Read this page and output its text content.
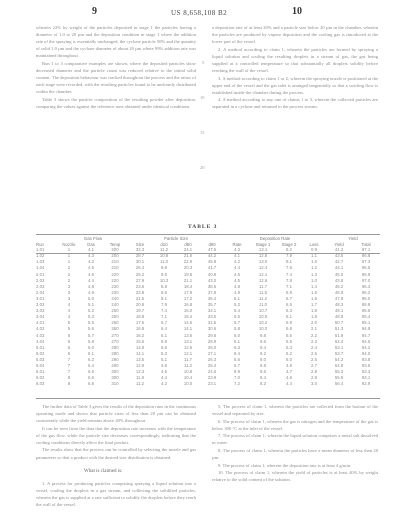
9	US 8,658,108 B2	10

wherein 22% by weight of the particles deposited in stage 1 the particles having a diameter of 1.0 to 20 µm and the deposition condition in stage 1 where the addition rate of the spraying is essentially unchanged, the cyclone particle 50% and the quantity of solid 1.0 µm and the cyclone diameter of about 20 µm where 99% addition rate was maintained throughout.

Run 1 to 3 comparative examples are shown, where the deposited particles show decreased diameter and the particle count was reduced relative to the initial solid content. The deposition behaviour was tracked throughout the process and the ratios of each stage were recorded, with the resulting particles found to be uniformly distributed within the chamber.

Table 3 shows the particle composition of the resulting powder after deposition, comparing the values against the reference runs obtained under identical conditions.

5
10
15
20

a deposition rate of at least 20% and a particle size below 20 µm in the chamber, wherein the particles are produced by vapour deposition and the cooling gas is introduced at the lower part of the vessel.

2. A method according to claim 1, wherein the particles are formed by spraying a liquid solution and cooling the resulting droplets in a stream of gas, the gas being supplied at a controlled temperature so that substantially all droplets solidify before reaching the wall of the vessel.

3. A method according to claim 1 or 2, wherein the spraying nozzle is positioned at the upper end of the vessel and the gas inlet is arranged tangentially so that a swirling flow is established inside the chamber during the process.

4. A method according to any one of claims 1 to 3, wherein the collected particles are separated in a cyclone and returned to the process stream.

TABLE 3
	Gas Flow			Particle Size				Deposition Rate				Yield	
Run	Nozzle	Gas	Temp	Size	d10	d50	d90	Rate	Stage 1	Stage 2	Loss	Yield	Total
1.01	1	4.1	200	32.3	11.2	24.1	47.5	4.3	13.1	8.2	0.9	41.2	97.1
1.02	1	4.3	200	28.7	10.8	21.6	44.2	4.1	12.8	7.9	1.1	43.5	96.8
1.03	1	4.2	210	30.1	11.0	22.9	45.8	4.2	13.0	8.1	1.0	42.7	97.3
1.04	2	4.5	210	26.4	9.9	20.3	41.7	4.4	12.4	7.6	1.2	44.1	96.5
2.01	2	4.6	220	25.2	9.5	19.8	40.9	4.6	12.1	7.4	1.3	45.0	96.9
2.02	2	4.4	220	27.9	10.3	21.1	43.0	4.5	12.6	7.8	1.0	43.8	97.0
2.03	3	4.8	230	23.6	8.8	18.4	38.6	4.8	11.7	7.1	1.4	46.2	96.4
2.04	3	4.9	230	22.8	8.5	17.9	37.8	4.9	11.5	6.9	1.5	46.9	96.2
3.01	3	5.0	240	21.5	8.1	17.2	36.4	5.1	11.2	6.7	1.6	47.8	96.0
3.02	4	5.1	240	20.9	7.9	16.8	35.7	5.2	11.0	6.5	1.7	48.3	95.8
3.03	4	5.2	250	19.7	7.4	16.0	34.1	5.4	10.7	6.3	1.8	49.1	95.6
3.04	4	5.3	250	18.8	7.1	15.4	33.0	5.5	10.5	6.1	1.9	49.8	95.4
4.01	5	5.5	260	17.6	6.7	14.6	31.5	5.7	10.2	5.9	2.0	50.7	95.1
4.02	5	5.6	260	16.9	6.4	14.1	30.6	5.8	10.0	5.8	2.1	51.3	94.9
4.03	5	5.7	270	16.2	6.1	13.6	29.8	6.0	9.8	5.6	2.2	51.9	94.7
4.04	6	5.8	270	15.5	5.9	13.1	28.9	6.1	9.6	5.5	2.3	52.4	94.5
5.01	6	6.0	280	14.8	5.6	12.6	28.0	6.3	9.4	5.3	2.4	53.1	94.2
5.02	6	6.1	280	14.1	5.3	12.1	27.1	6.4	9.2	5.2	2.5	53.7	94.0
5.03	7	6.2	290	13.5	5.1	11.7	26.3	6.6	9.0	5.0	2.6	54.2	93.8
5.04	7	6.4	290	12.9	4.8	11.2	25.4	6.7	8.8	4.9	2.7	54.8	93.6
6.01	7	6.5	300	12.3	4.6	10.8	24.6	6.9	8.6	4.7	2.8	55.3	93.3
6.02	8	6.6	300	11.8	4.4	10.4	23.9	7.0	8.4	4.6	2.9	55.9	93.1
6.03	8	6.8	310	11.2	4.2	10.0	23.1	7.2	8.2	4.4	3.0	56.4	92.9

The further data of Table 3 gives the results of the deposition runs in the continuous operating mode and shows that particle sizes of less than 20 µm can be obtained consistently while the yield remains above 40% throughout.

It can be seen from the data that the deposition rate increases with the temperature of the gas flow, while the particle size decreases correspondingly, indicating that the cooling conditions directly affect the final product.

The results show that the process can be controlled by selecting the nozzle and gas parameters so that a product with the desired size distribution is obtained.

What is claimed is:

1. A process for producing particles comprising spraying a liquid solution into a vessel, cooling the droplets in a gas stream, and collecting the solidified particles, wherein the gas is supplied at a rate sufficient to solidify the droplets before they reach the wall of the vessel.

5. The process of claim 1, wherein the particles are collected from the bottom of the vessel and separated by size.

6. The process of claim 1, wherein the gas is nitrogen and the temperature of the gas is below 300 °C at the inlet of the vessel.

7. The process of claim 1, wherein the liquid solution comprises a metal salt dissolved in water.

8. The process of claim 1, wherein the particles have a mean diameter of less than 20 µm.

9. The process of claim 1, wherein the deposition rate is at least 4 g/min.

10. The process of claim 1, wherein the yield of particles is at least 40% by weight relative to the solid content of the solution.
